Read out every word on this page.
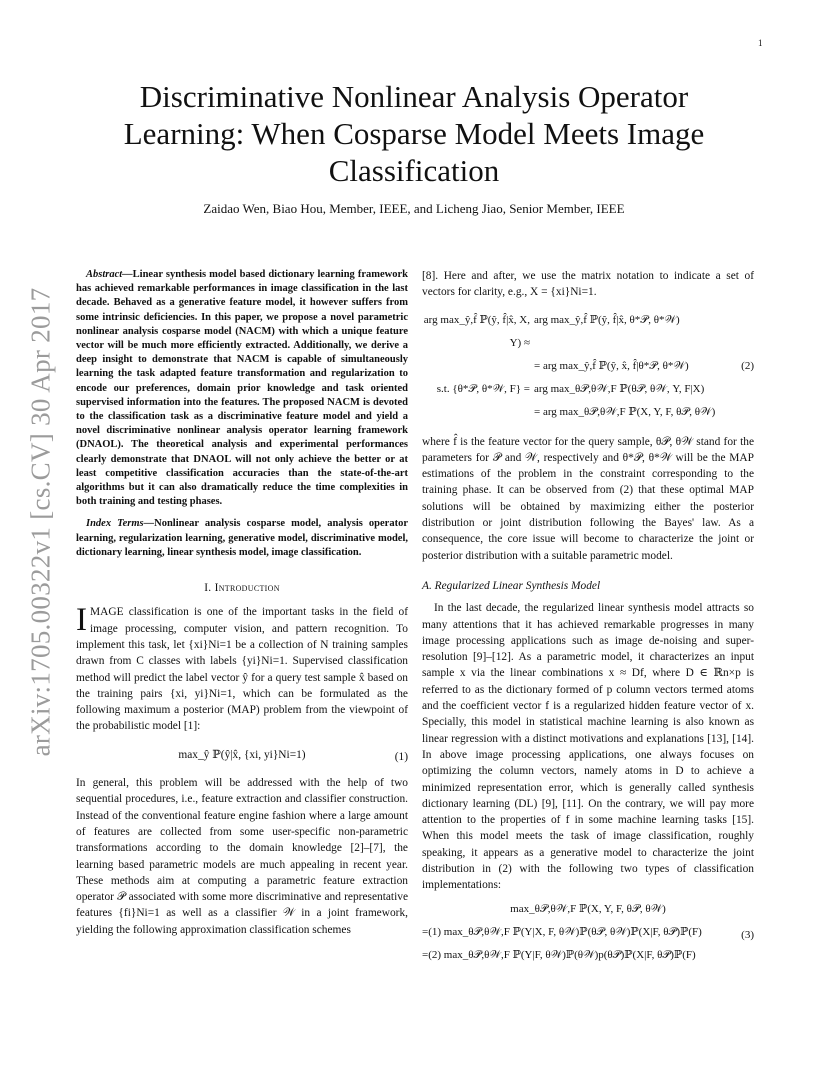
1
arXiv:1705.00322v1 [cs.CV] 30 Apr 2017
Discriminative Nonlinear Analysis Operator Learning: When Cosparse Model Meets Image Classification

Zaidao Wen, Biao Hou, Member, IEEE, and Licheng Jiao, Senior Member, IEEE

Abstract—Linear synthesis model based dictionary learning framework has achieved remarkable performances in image classification in the last decade. Behaved as a generative feature model, it however suffers from some intrinsic deficiencies. In this paper, we propose a novel parametric nonlinear analysis cosparse model (NACM) with which a unique feature vector will be much more efficiently extracted. Additionally, we derive a deep insight to demonstrate that NACM is capable of simultaneously learning the task adapted feature transformation and regularization to encode our preferences, domain prior knowledge and task oriented supervised information into the features. The proposed NACM is devoted to the classification task as a discriminative feature model and yield a novel discriminative nonlinear analysis operator learning framework (DNAOL). The theoretical analysis and experimental performances clearly demonstrate that DNAOL will not only achieve the better or at least competitive classification accuracies than the state-of-the-art algorithms but it can also dramatically reduce the time complexities in both training and testing phases.

Index Terms—Nonlinear analysis cosparse model, analysis operator learning, regularization learning, generative model, discriminative model, dictionary learning, linear synthesis model, image classification.

I. Introduction

IMAGE classification is one of the important tasks in the field of image processing, computer vision, and pattern recognition. To implement this task, let {xi}Ni=1 be a collection of N training samples drawn from C classes with labels {yi}Ni=1. Supervised classification method will predict the label vector ŷ for a query test sample x̂ based on the training pairs {xi, yi}Ni=1, which can be formulated as the following maximum a posterior (MAP) problem from the viewpoint of the probabilistic model [1]:

max_ŷ ℙ(ŷ|x̂, {xi, yi}Ni=1)	(1)

In general, this problem will be addressed with the help of two sequential procedures, i.e., feature extraction and classifier construction. Instead of the conventional feature engine fashion where a large amount of features are collected from some user-specific non-parametric transformations according to the domain knowledge [2]–[7], the learning based parametric models are much appealing in recent year. These methods aim at computing a parametric feature extraction operator 𝒫 associated with some more discriminative and representative features {fi}Ni=1 as well as a classifier 𝒲 in a joint framework, yielding the following approximation classification schemes

[8]. Here and after, we use the matrix notation to indicate a set of vectors for clarity, e.g., X = {xi}Ni=1.

arg max_ŷ,f̂ ℙ(ŷ, f̂|x̂, X, Y) ≈
arg max_ŷ,f̂ ℙ(ŷ, f̂|x̂, θ*𝒫, θ*𝒲)
= arg max_ŷ,f̂ ℙ(ŷ, x̂, f̂|θ*𝒫, θ*𝒲)
s.t. {θ*𝒫, θ*𝒲, F} = arg max_θ𝒫,θ𝒲,F ℙ(θ𝒫, θ𝒲, Y, F|X)
= arg max_θ𝒫,θ𝒲,F ℙ(X, Y, F, θ𝒫, θ𝒲)
(2)

where f̂ is the feature vector for the query sample, θ𝒫, θ𝒲 stand for the parameters for 𝒫 and 𝒲, respectively and θ*𝒫, θ*𝒲 will be the MAP estimations of the problem in the constraint corresponding to the training phase. It can be observed from (2) that these optimal MAP solutions will be obtained by maximizing either the posterior distribution or joint distribution following the Bayes' law. As a consequence, the core issue will become to characterize the joint or posterior distribution with a suitable parametric model.

A. Regularized Linear Synthesis Model

In the last decade, the regularized linear synthesis model attracts so many attentions that it has achieved remarkable progresses in many image processing applications such as image de-noising and super-resolution [9]–[12]. As a parametric model, it characterizes an input sample x via the linear combinations x ≈ Df, where D ∈ ℝn×p is referred to as the dictionary formed of p column vectors termed atoms and the coefficient vector f is a regularized hidden feature vector of x. Specially, this model in statistical machine learning is also known as linear regression with a distinct motivations and explanations [13], [14]. In above image processing applications, one always focuses on optimizing the column vectors, namely atoms in D to achieve a minimized representation error, which is generally called synthesis dictionary learning (DL) [9], [11]. On the contrary, we will pay more attention to the properties of f in some machine learning tasks [15]. When this model meets the task of image classification, roughly speaking, it appears as a generative model to characterize the joint distribution in (2) with the following two types of classification implementations:

max_θ𝒫,θ𝒲,F ℙ(X, Y, F, θ𝒫, θ𝒲)
=(1) max_θ𝒫,θ𝒲,F ℙ(Y|X, F, θ𝒲)ℙ(θ𝒫, θ𝒲)ℙ(X|F, θ𝒫)ℙ(F)
=(2) max_θ𝒫,θ𝒲,F ℙ(Y|F, θ𝒲)ℙ(θ𝒲)p(θ𝒫)ℙ(X|F, θ𝒫)ℙ(F)
(3)
